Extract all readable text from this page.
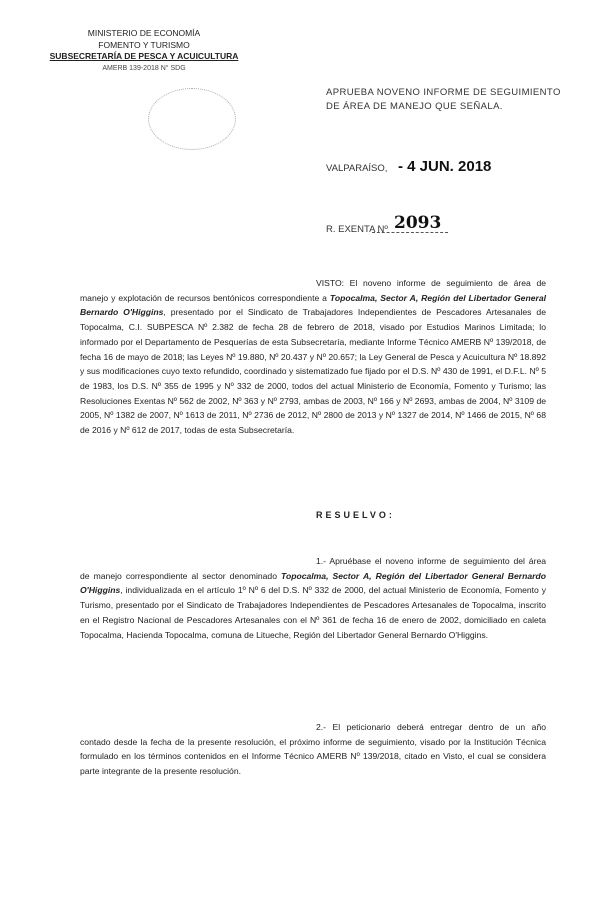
MINISTERIO DE ECONOMÍA
FOMENTO Y TURISMO
SUBSECRETARÍA DE PESCA Y ACUICULTURA
AMERB 139-2018 N° SDG
APRUEBA NOVENO INFORME DE SEGUIMIENTO DE ÁREA DE MANEJO QUE SEÑALA.
VALPARAÍSO, - 4 JUN. 2018
R. EXENTA Nº 2093
VISTO: El noveno informe de seguimiento de área de manejo y explotación de recursos bentónicos correspondiente a Topocalma, Sector A, Región del Libertador General Bernardo O'Higgins, presentado por el Sindicato de Trabajadores Independientes de Pescadores Artesanales de Topocalma, C.I. SUBPESCA Nº 2.382 de fecha 28 de febrero de 2018, visado por Estudios Marinos Limitada; lo informado por el Departamento de Pesquerías de esta Subsecretaría, mediante Informe Técnico AMERB Nº 139/2018, de fecha 16 de mayo de 2018; las Leyes Nº 19.880, Nº 20.437 y Nº 20.657; la Ley General de Pesca y Acuicultura Nº 18.892 y sus modificaciones cuyo texto refundido, coordinado y sistematizado fue fijado por el D.S. Nº 430 de 1991, el D.F.L. Nº 5 de 1983, los D.S. Nº 355 de 1995 y Nº 332 de 2000, todos del actual Ministerio de Economía, Fomento y Turismo; las Resoluciones Exentas Nº 562 de 2002, Nº 363 y Nº 2793, ambas de 2003, Nº 166 y Nº 2693, ambas de 2004, Nº 3109 de 2005, Nº 1382 de 2007, Nº 1613 de 2011, Nº 2736 de 2012, Nº 2800 de 2013 y Nº 1327 de 2014, Nº 1466 de 2015, Nº 68 de 2016 y Nº 612 de 2017, todas de esta Subsecretaría.
RESUELVO:
1.- Apruébase el noveno informe de seguimiento del área de manejo correspondiente al sector denominado Topocalma, Sector A, Región del Libertador General Bernardo O'Higgins, individualizada en el artículo 1º Nº 6 del D.S. Nº 332 de 2000, del actual Ministerio de Economía, Fomento y Turismo, presentado por el Sindicato de Trabajadores Independientes de Pescadores Artesanales de Topocalma, inscrito en el Registro Nacional de Pescadores Artesanales con el Nº 361 de fecha 16 de enero de 2002, domiciliado en caleta Topocalma, Hacienda Topocalma, comuna de Litueche, Región del Libertador General Bernardo O'Higgins.
2.- El peticionario deberá entregar dentro de un año contado desde la fecha de la presente resolución, el próximo informe de seguimiento, visado por la Institución Técnica formulado en los términos contenidos en el Informe Técnico AMERB Nº 139/2018, citado en Visto, el cual se considera parte integrante de la presente resolución.
